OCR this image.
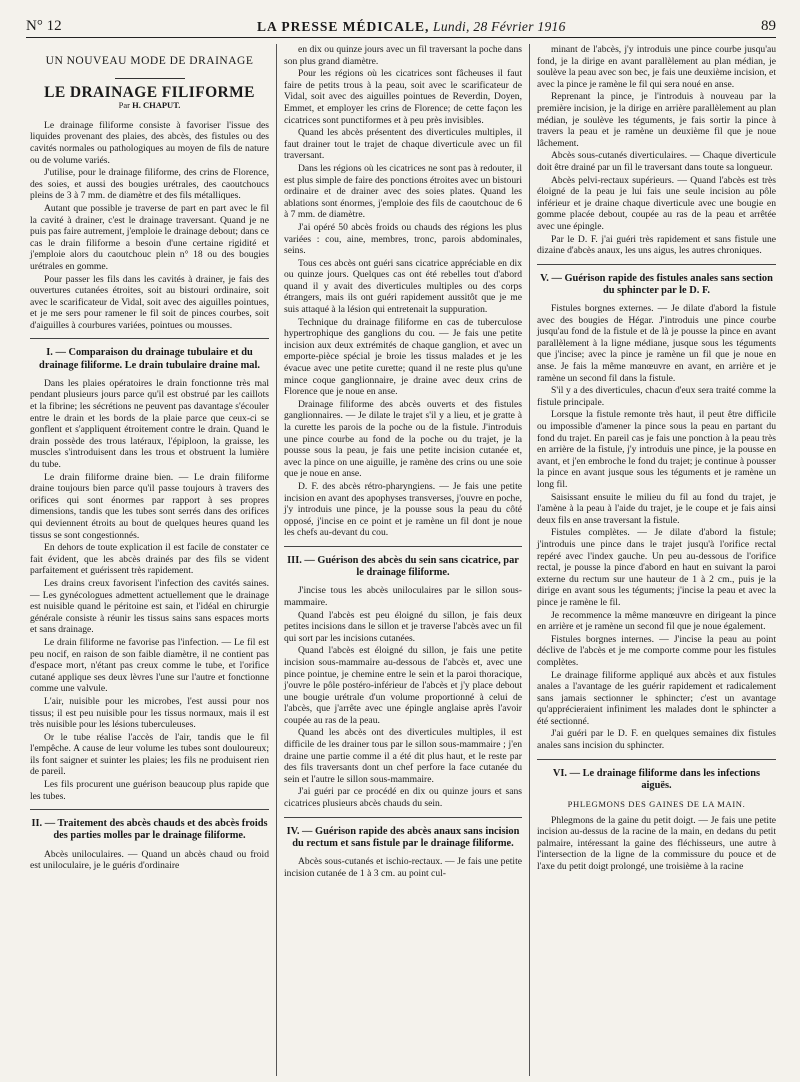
N° 12	LA PRESSE MÉDICALE, Lundi, 28 Février 1916	89
UN NOUVEAU MODE DE DRAINAGE
LE DRAINAGE FILIFORME
Par H. CHAPUT.

Le drainage filiforme consiste à favoriser l'issue des liquides provenant des plaies, des abcès, des fistules ou des cavités normales ou pathologiques au moyen de fils de nature ou de volume variés.

J'utilise, pour le drainage filiforme, des crins de Florence, des soies, et aussi des bougies urétrales, des caoutchoucs pleins de 3 à 7 mm. de diamètre et des fils métalliques.

Autant que possible je traverse de part en part avec le fil la cavité à drainer, c'est le drainage traversant. Quand je ne puis pas faire autrement, j'emploie le drainage debout; dans ce cas le drain filiforme a besoin d'une certaine rigidité et j'emploie alors du caoutchouc plein n° 18 ou des bougies urétrales en gomme.

Pour passer les fils dans les cavités à drainer, je fais des ouvertures cutanées étroites, soit au bistouri ordinaire, soit avec le scarificateur de Vidal, soit avec des aiguilles pointues, et je me sers pour ramener le fil soit de pinces courbes, soit d'aiguilles à courbures variées, pointues ou mousses.

I. — Comparaison du drainage tubulaire et du drainage filiforme. Le drain tubulaire draine mal.

Dans les plaies opératoires le drain fonctionne très mal pendant plusieurs jours parce qu'il est obstrué par les caillots et la fibrine; les sécrétions ne peuvent pas davantage s'écouler entre le drain et les bords de la plaie parce que ceux-ci se gonflent et s'appliquent étroitement contre le drain. Quand le drain possède des trous latéraux, l'épiploon, la graisse, les muscles s'introduisent dans les trous et obstruent la lumière du tube.

Le drain filiforme draine bien. — Le drain filiforme draine toujours bien parce qu'il passe toujours à travers des orifices qui sont énormes par rapport à ses propres dimensions, tandis que les tubes sont serrés dans des orifices qui deviennent étroits au bout de quelques heures quand les tissus se sont congestionnés.

En dehors de toute explication il est facile de constater ce fait évident, que les abcès drainés par des fils se vident parfaitement et guérissent très rapidement.

Les drains creux favorisent l'infection des cavités saines. — Les gynécologues admettent actuellement que le drainage est nuisible quand le péritoine est sain, et l'idéal en chirurgie générale consiste à réunir les tissus sains sans espaces morts et sans drainage.

Le drain filiforme ne favorise pas l'infection. — Le fil est peu nocif, en raison de son faible diamètre, il ne contient pas d'espace mort, n'étant pas creux comme le tube, et l'orifice cutané applique ses deux lèvres l'une sur l'autre et fonctionne comme une valvule.

L'air, nuisible pour les microbes, l'est aussi pour nos tissus; il est peu nuisible pour les tissus normaux, mais il est très nuisible pour les lésions tuberculeuses.

Or le tube réalise l'accès de l'air, tandis que le fil l'empêche. A cause de leur volume les tubes sont douloureux; ils font saigner et suinter les plaies; les fils ne produisent rien de pareil.

Les fils procurent une guérison beaucoup plus rapide que les tubes.

II. — Traitement des abcès chauds et des abcès froids des parties molles par le drainage filiforme.

Abcès uniloculaires. — Quand un abcès chaud ou froid est uniloculaire, je le guéris d'ordinaire

en dix ou quinze jours avec un fil traversant la poche dans son plus grand diamètre.

Pour les régions où les cicatrices sont fâcheuses il faut faire de petits trous à la peau, soit avec le scarificateur de Vidal, soit avec des aiguilles pointues de Reverdin, Doyen, Emmet, et employer les crins de Florence; de cette façon les cicatrices sont punctiformes et à peu près invisibles.

Quand les abcès présentent des diverticules multiples, il faut drainer tout le trajet de chaque diverticule avec un fil traversant.

Dans les régions où les cicatrices ne sont pas à redouter, il est plus simple de faire des ponctions étroites avec un bistouri ordinaire et de drainer avec des soies plates. Quand les ablations sont énormes, j'emploie des fils de caoutchouc de 6 à 7 mm. de diamètre.

J'ai opéré 50 abcès froids ou chauds des régions les plus variées : cou, aine, membres, tronc, parois abdominales, seins.

Tous ces abcès ont guéri sans cicatrice appréciable en dix ou quinze jours. Quelques cas ont été rebelles tout d'abord quand il y avait des diverticules multiples ou des corps étrangers, mais ils ont guéri rapidement aussitôt que je me suis attaqué à la lésion qui entretenait la suppuration.

Technique du drainage filiforme en cas de tuberculose hypertrophique des ganglions du cou. — Je fais une petite incision aux deux extrémités de chaque ganglion, et avec un emporte-pièce spécial je broie les tissus malades et je les évacue avec une petite curette; quand il ne reste plus qu'une mince coque ganglionnaire, je draine avec deux crins de Florence que je noue en anse.

Drainage filiforme des abcès ouverts et des fistules ganglionnaires. — Je dilate le trajet s'il y a lieu, et je gratte à la curette les parois de la poche ou de la fistule. J'introduis une pince courbe au fond de la poche ou du trajet, je la pousse sous la peau, je fais une petite incision cutanée et, avec la pince on une aiguille, je ramène des crins ou une soie que je noue en anse.

D. F. des abcès rétro-pharyngiens. — Je fais une petite incision en avant des apophyses transverses, j'ouvre en poche, j'y introduis une pince, je la pousse sous la peau du côté opposé, j'incise en ce point et je ramène un fil dont je noue les chefs au-devant du cou.

III. — Guérison des abcès du sein sans cicatrice, par le drainage filiforme.

J'incise tous les abcès uniloculaires par le sillon sous-mammaire.

Quand l'abcès est peu éloigné du sillon, je fais deux petites incisions dans le sillon et je traverse l'abcès avec un fil qui sort par les incisions cutanées.

Quand l'abcès est éloigné du sillon, je fais une petite incision sous-mammaire au-dessous de l'abcès et, avec une pince pointue, je chemine entre le sein et la paroi thoracique, j'ouvre le pôle postéro-inférieur de l'abcès et j'y place debout une bougie urétrale d'un volume proportionné à celui de l'abcès, que j'arrête avec une épingle anglaise après l'avoir coupée au ras de la peau.

Quand les abcès ont des diverticules multiples, il est difficile de les drainer tous par le sillon sous-mammaire ; j'en draine une partie comme il a été dit plus haut, et le reste par des fils traversants dont un chef perfore la face cutanée du sein et l'autre le sillon sous-mammaire.

J'ai guéri par ce procédé en dix ou quinze jours et sans cicatrices plusieurs abcès chauds du sein.

IV. — Guérison rapide des abcès anaux sans incision du rectum et sans fistule par le drainage filiforme.

Abcès sous-cutanés et ischio-rectaux. — Je fais une petite incision cutanée de 1 à 3 cm. au point cul-

minant de l'abcès, j'y introduis une pince courbe jusqu'au fond, je la dirige en avant parallèlement au plan médian, je soulève la peau avec son bec, je fais une deuxième incision, et avec la pince je ramène le fil qui sera noué en anse.

Reprenant la pince, je l'introduis à nouveau par la première incision, je la dirige en arrière parallèlement au plan médian, je soulève les téguments, je fais sortir la pince à travers la peau et je ramène un deuxième fil que je noue lâchement.

Abcès sous-cutanés diverticulaires. — Chaque diverticule doit être drainé par un fil le traversant dans toute sa longueur.

Abcès pelvi-rectaux supérieurs. — Quand l'abcès est très éloigné de la peau je lui fais une seule incision au pôle inférieur et je draine chaque diverticule avec une bougie en gomme placée debout, coupée au ras de la peau et arrêtée avec une épingle.

Par le D. F. j'ai guéri très rapidement et sans fistule une dizaine d'abcès anaux, les uns aigus, les autres chroniques.

V. — Guérison rapide des fistules anales sans section du sphincter par le D. F.

Fistules borgnes externes. — Je dilate d'abord la fistule avec des bougies de Hégar. J'introduis une pince courbe jusqu'au fond de la fistule et de là je pousse la pince en avant parallèlement à la ligne médiane, jusque sous les téguments que j'incise; avec la pince je ramène un fil que je noue en anse. Je fais la même manœuvre en avant, en arrière et je ramène un second fil dans la fistule.

S'il y a des diverticules, chacun d'eux sera traité comme la fistule principale.

Lorsque la fistule remonte très haut, il peut être difficile ou impossible d'amener la pince sous la peau en partant du fond du trajet. En pareil cas je fais une ponction à la peau très en arrière de la fistule, j'y introduis une pince, je la pousse en avant, et j'en embroche le fond du trajet; je continue à pousser la pince en avant jusque sous les téguments et je ramène un long fil.

Saisissant ensuite le milieu du fil au fond du trajet, je l'amène à la peau à l'aide du trajet, je le coupe et je fais ainsi deux fils en anse traversant la fistule.

Fistules complètes. — Je dilate d'abord la fistule; j'introduis une pince dans le trajet jusqu'à l'orifice rectal repéré avec l'index gauche. Un peu au-dessous de l'orifice rectal, je pousse la pince d'abord en haut en suivant la paroi externe du rectum sur une hauteur de 1 à 2 cm., puis je la dirige en avant sous les téguments; j'incise la peau et avec la pince je ramène le fil.

Je recommence la même manœuvre en dirigeant la pince en arrière et je ramène un second fil que je noue également.

Fistules borgnes internes. — J'incise la peau au point déclive de l'abcès et je me comporte comme pour les fistules complètes.

Le drainage filiforme appliqué aux abcès et aux fistules anales a l'avantage de les guérir rapidement et radicalement sans jamais sectionner le sphincter; c'est un avantage qu'apprécieraient infiniment les malades dont le sphincter a été sectionné.

J'ai guéri par le D. F. en quelques semaines dix fistules anales sans incision du sphincter.

VI. — Le drainage filiforme dans les infections aiguës.
PHLEGMONS DES GAINES DE LA MAIN.

Phlegmons de la gaine du petit doigt. — Je fais une petite incision au-dessus de la racine de la main, en dedans du petit palmaire, intéressant la gaine des fléchisseurs, une autre à l'intersection de la ligne de la commissure du pouce et de l'axe du petit doigt prolongé, une troisième à la racine
